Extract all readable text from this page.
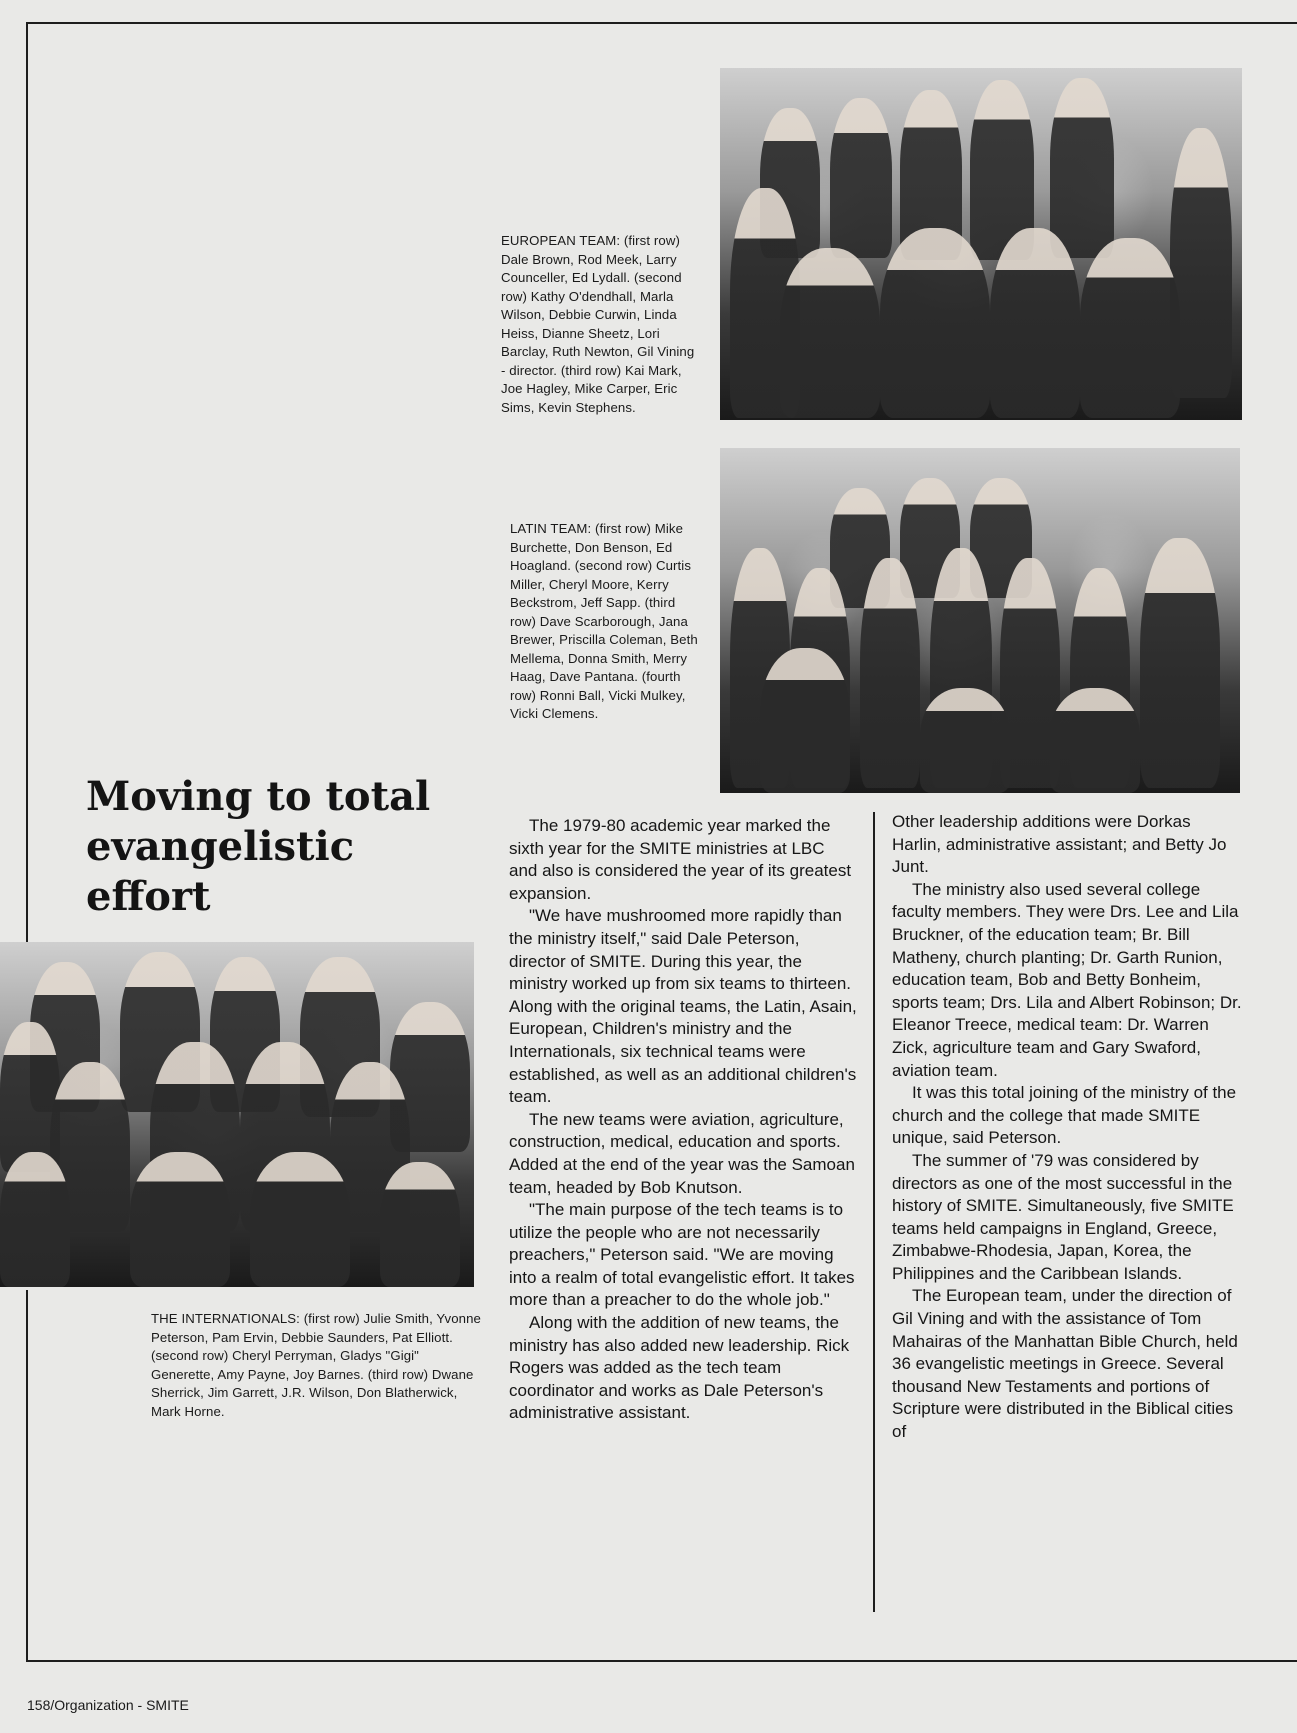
EUROPEAN TEAM: (first row) Dale Brown, Rod Meek, Larry Counceller, Ed Lydall. (second row) Kathy O'dendhall, Marla Wilson, Debbie Curwin, Linda Heiss, Dianne Sheetz, Lori Barclay, Ruth Newton, Gil Vining - director. (third row) Kai Mark, Joe Hagley, Mike Carper, Eric Sims, Kevin Stephens.
LATIN TEAM: (first row) Mike Burchette, Don Benson, Ed Hoagland. (second row) Curtis Miller, Cheryl Moore, Kerry Beckstrom, Jeff Sapp. (third row) Dave Scarborough, Jana Brewer, Priscilla Coleman, Beth Mellema, Donna Smith, Merry Haag, Dave Pantana. (fourth row) Ronni Ball, Vicki Mulkey, Vicki Clemens.
Moving to total
evangelistic
effort
THE INTERNATIONALS: (first row) Julie Smith, Yvonne Peterson, Pam Ervin, Debbie Saunders, Pat Elliott. (second row) Cheryl Perryman, Gladys "Gigi" Generette, Amy Payne, Joy Barnes. (third row) Dwane Sherrick, Jim Garrett, J.R. Wilson, Don Blatherwick, Mark Horne.

The 1979-80 academic year marked the sixth year for the SMITE ministries at LBC and also is considered the year of its greatest expansion.

"We have mushroomed more rapidly than the ministry itself," said Dale Peterson, director of SMITE. During this year, the ministry worked up from six teams to thirteen. Along with the original teams, the Latin, Asain, European, Children's ministry and the Internationals, six technical teams were established, as well as an additional children's team.

The new teams were aviation, agriculture, construction, medical, education and sports. Added at the end of the year was the Samoan team, headed by Bob Knutson.

"The main purpose of the tech teams is to utilize the people who are not necessarily preachers," Peterson said. "We are moving into a realm of total evangelistic effort. It takes more than a preacher to do the whole job."

Along with the addition of new teams, the ministry has also added new leadership. Rick Rogers was added as the tech team coordinator and works as Dale Peterson's administrative assistant.

Other leadership additions were Dorkas Harlin, administrative assistant; and Betty Jo Junt.

The ministry also used several college faculty members. They were Drs. Lee and Lila Bruckner, of the education team; Br. Bill Matheny, church planting; Dr. Garth Runion, education team, Bob and Betty Bonheim, sports team; Drs. Lila and Albert Robinson; Dr. Eleanor Treece, medical team: Dr. Warren Zick, agriculture team and Gary Swaford, aviation team.

It was this total joining of the ministry of the church and the college that made SMITE unique, said Peterson.

The summer of '79 was considered by directors as one of the most successful in the history of SMITE. Simultaneously, five SMITE teams held campaigns in England, Greece, Zimbabwe-Rhodesia, Japan, Korea, the Philippines and the Caribbean Islands.

The European team, under the direction of Gil Vining and with the assistance of Tom Mahairas of the Manhattan Bible Church, held 36 evangelistic meetings in Greece. Several thousand New Testaments and portions of Scripture were distributed in the Biblical cities of

158/Organization - SMITE
